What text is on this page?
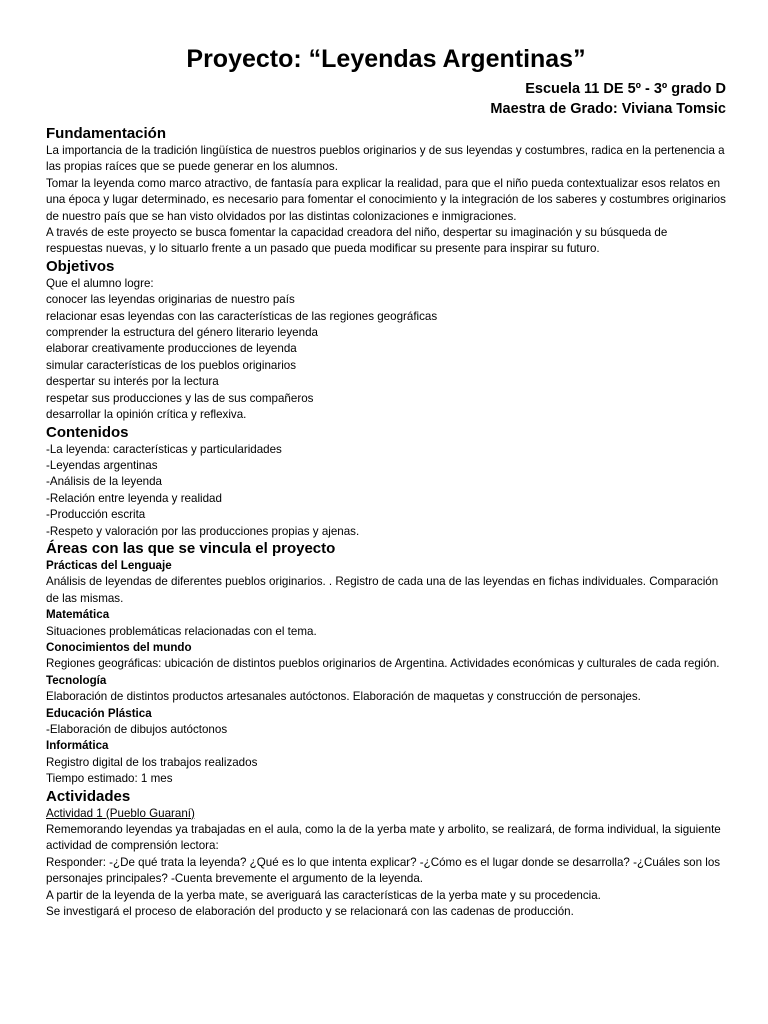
Proyecto: “Leyendas Argentinas”
Escuela 11 DE 5º - 3º grado D
Maestra de Grado: Viviana Tomsic
Fundamentación

La importancia de la tradición lingüística de nuestros pueblos originarios y de sus leyendas y costumbres, radica en la pertenencia a las propias raíces que se puede generar en los alumnos.

Tomar la leyenda como marco atractivo, de fantasía para explicar la realidad, para que el niño pueda contextualizar esos relatos en una época y lugar determinado, es necesario para fomentar el conocimiento y la integración de los saberes y costumbres originarios de nuestro país que se han visto olvidados por las distintas colonizaciones e inmigraciones.

A través de este proyecto se busca fomentar la capacidad creadora del niño, despertar su imaginación y su búsqueda de respuestas nuevas, y lo situarlo frente a un pasado que pueda modificar su presente para inspirar su futuro.

Objetivos
Que el alumno logre:
conocer las leyendas originarias de nuestro país
relacionar esas leyendas con las características de las regiones geográficas
comprender la estructura del género literario leyenda
elaborar creativamente producciones de leyenda
simular características de los pueblos originarios
despertar su interés por la lectura
respetar sus producciones y las de sus compañeros
desarrollar la opinión crítica y reflexiva.
Contenidos
-La leyenda: características y particularidades
-Leyendas argentinas
-Análisis de la leyenda
-Relación entre leyenda y realidad
-Producción escrita
-Respeto y valoración por las producciones propias y ajenas.
Áreas con las que se vincula el proyecto
Prácticas del Lenguaje

Análisis de leyendas de diferentes pueblos originarios. . Registro de cada una de las leyendas en fichas individuales. Comparación de las mismas.

Matemática

Situaciones problemáticas relacionadas con el tema.

Conocimientos del mundo

Regiones geográficas: ubicación de distintos pueblos originarios de Argentina. Actividades económicas y culturales de cada región.

Tecnología

Elaboración de distintos productos artesanales autóctonos. Elaboración de maquetas y construcción de personajes.

Educación Plástica

-Elaboración de dibujos autóctonos

Informática

Registro digital de los trabajos realizados

Tiempo estimado: 1 mes

Actividades
Actividad 1 (Pueblo Guaraní)

Rememorando leyendas ya trabajadas en el aula, como la de la yerba mate y arbolito, se realizará, de forma individual, la siguiente actividad de comprensión lectora:

Responder: -¿De qué trata la leyenda? ¿Qué es lo que intenta explicar? -¿Cómo es el lugar donde se desarrolla? -¿Cuáles son los personajes principales? -Cuenta brevemente el argumento de la leyenda.

A partir de la leyenda de la yerba mate, se averiguará las características de la yerba mate y su procedencia.

Se investigará el proceso de elaboración del producto y se relacionará con las cadenas de producción.
